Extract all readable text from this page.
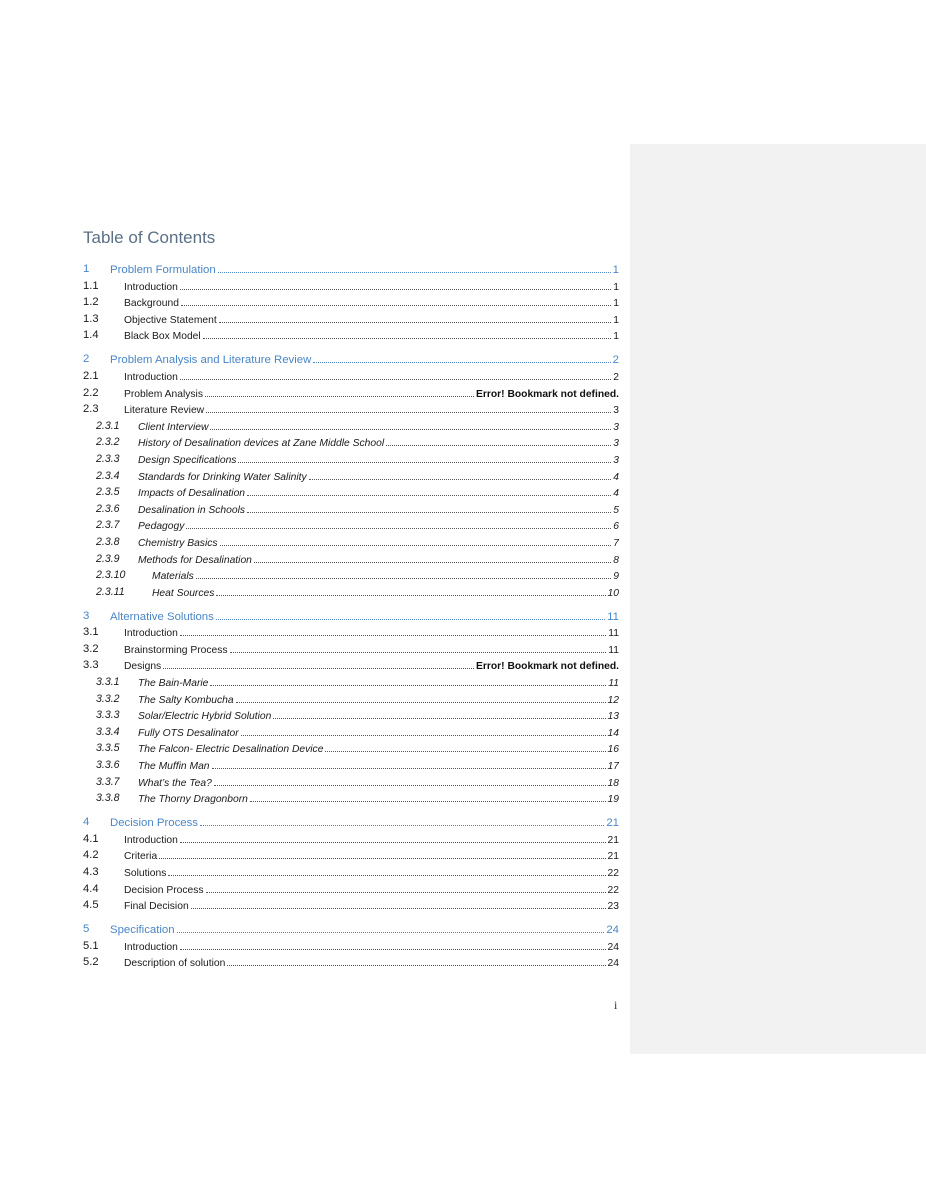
Table of Contents
1 Problem Formulation	1
1.1 Introduction	1
1.2 Background	1
1.3 Objective Statement	1
1.4 Black Box Model	1
2 Problem Analysis and Literature Review	2
2.1 Introduction	2
2.2 Problem Analysis	Error! Bookmark not defined.
2.3 Literature Review	3
2.3.1 Client Interview	3
2.3.2 History of Desalination devices at Zane Middle School	3
2.3.3 Design Specifications	3
2.3.4 Standards for Drinking Water Salinity	4
2.3.5 Impacts of Desalination	4
2.3.6 Desalination in Schools	5
2.3.7 Pedagogy	6
2.3.8 Chemistry Basics	7
2.3.9 Methods for Desalination	8
2.3.10	Materials	9
2.3.11	Heat Sources	10
3 Alternative Solutions	11
3.1 Introduction	11
3.2 Brainstorming Process	11
3.3 Designs	Error! Bookmark not defined.
3.3.1 The Bain-Marie	11
3.3.2 The Salty Kombucha	12
3.3.3 Solar/Electric Hybrid Solution	13
3.3.4 Fully OTS Desalinator	14
3.3.5 The Falcon- Electric Desalination Device	16
3.3.6 The Muffin Man	17
3.3.7 What’s the Tea?	18
3.3.8 The Thorny Dragonborn	19
4 Decision Process	21
4.1 Introduction	21
4.2 Criteria	21
4.3 Solutions	22
4.4 Decision Process	22
4.5 Final Decision	23
5 Specification	24
5.1 Introduction	24
5.2 Description of solution	24
i
